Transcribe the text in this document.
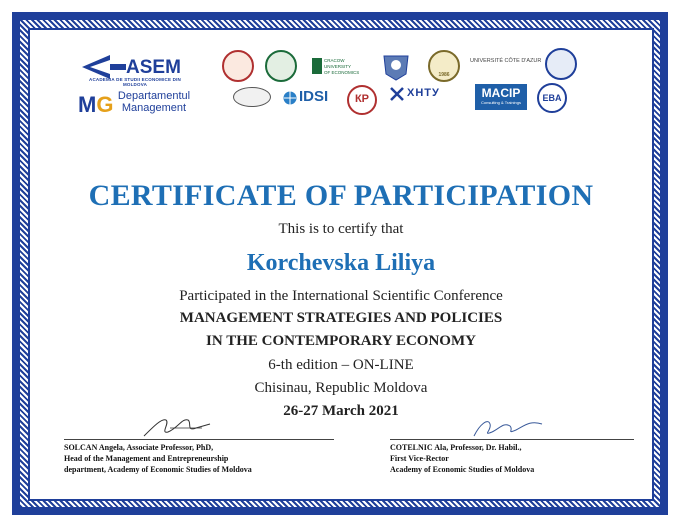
ASEM
ACADEMIA DE STUDII ECONOMICE DIN MOLDOVA
MG Departamentul Management
CRACOW
UNIVERSITY
OF ECONOMICS	1986
UNIVERSITÉ CÔTE D'AZUR
IDSI	КР	ХНТУ	MACIP
Consulting & Trainings	EBA
CERTIFICATE OF PARTICIPATION
This is to certify that
Korchevska Liliya
Participated in the International Scientific Conference
MANAGEMENT STRATEGIES AND POLICIES
IN THE CONTEMPORARY ECONOMY
6-th edition – ON-LINE
Chisinau, Republic Moldova
26-27 March 2021
SOLCAN Angela, Associate Professor, PhD,
Head of the Management and Entrepreneurship
department, Academy of Economic Studies of Moldova
COTELNIC Ala, Professor, Dr. Habil.,
First Vice-Rector
Academy of Economic Studies of Moldova
